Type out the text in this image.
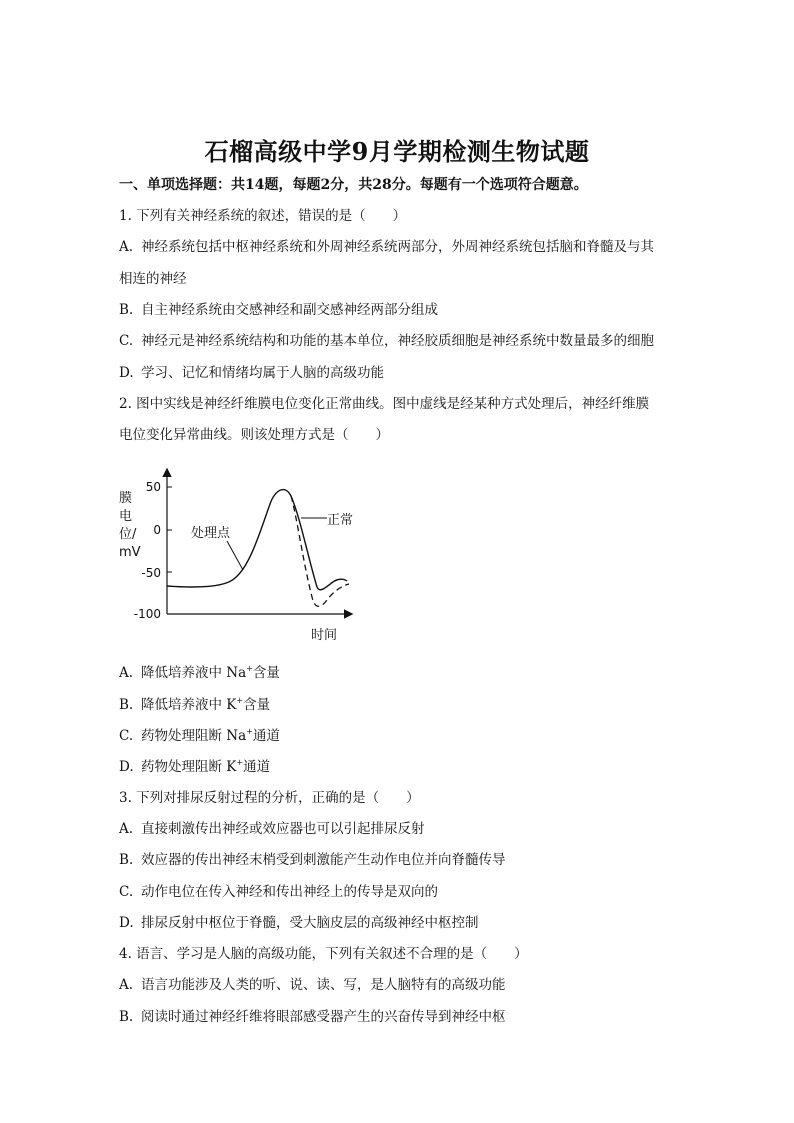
石榴高级中学9月学期检测生物试题
一、单项选择题：共14题，每题2分，共28分。每题有一个选项符合题意。
1. 下列有关神经系统的叙述，错误的是（　　）
A. 神经系统包括中枢神经系统和外周神经系统两部分，外周神经系统包括脑和脊髓及与其
相连的神经
B. 自主神经系统由交感神经和副交感神经两部分组成
C. 神经元是神经系统结构和功能的基本单位，神经胶质细胞是神经系统中数量最多的细胞
D. 学习、记忆和情绪均属于人脑的高级功能
2. 图中实线是神经纤维膜电位变化正常曲线。图中虚线是经某种方式处理后，神经纤维膜
电位变化异常曲线。则该处理方式是（　　）
50
0
-50
-100
膜
电
位/
mV
时间
处理点
正常
A. 降低培养液中 Na+含量
B. 降低培养液中 K+含量
C. 药物处理阻断 Na+通道
D. 药物处理阻断 K+通道
3. 下列对排尿反射过程的分析，正确的是（　　）
A. 直接刺激传出神经或效应器也可以引起排尿反射
B. 效应器的传出神经末梢受到刺激能产生动作电位并向脊髓传导
C. 动作电位在传入神经和传出神经上的传导是双向的
D. 排尿反射中枢位于脊髓，受大脑皮层的高级神经中枢控制
4. 语言、学习是人脑的高级功能，下列有关叙述不合理的是（　　）
A. 语言功能涉及人类的听、说、读、写，是人脑特有的高级功能
B. 阅读时通过神经纤维将眼部感受器产生的兴奋传导到神经中枢
